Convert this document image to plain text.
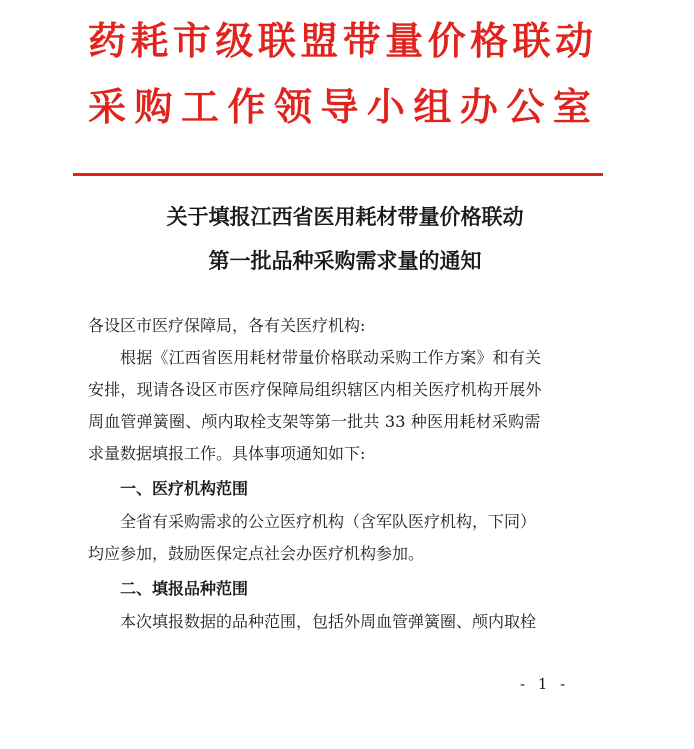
药 耗 市 级 联 盟 带 量 价 格 联 动
采 购 工 作 领 导 小 组 办 公 室
关于填报江西省医用耗材带量价格联动
第一批品种采购需求量的通知
各设区市医疗保障局，各有关医疗机构:
根据《江西省医用耗材带量价格联动采购工作方案》和有关
安排，现请各设区市医疗保障局组织辖区内相关医疗机构开展外
周血管弹簧圈、颅内取栓支架等第一批共 33 种医用耗材采购需
求量数据填报工作。具体事项通知如下:
一、医疗机构范围
全省有采购需求的公立医疗机构（含军队医疗机构，下同）
均应参加，鼓励医保定点社会办医疗机构参加。
二、填报品种范围
本次填报数据的品种范围，包括外周血管弹簧圈、颅内取栓
- 1 -
